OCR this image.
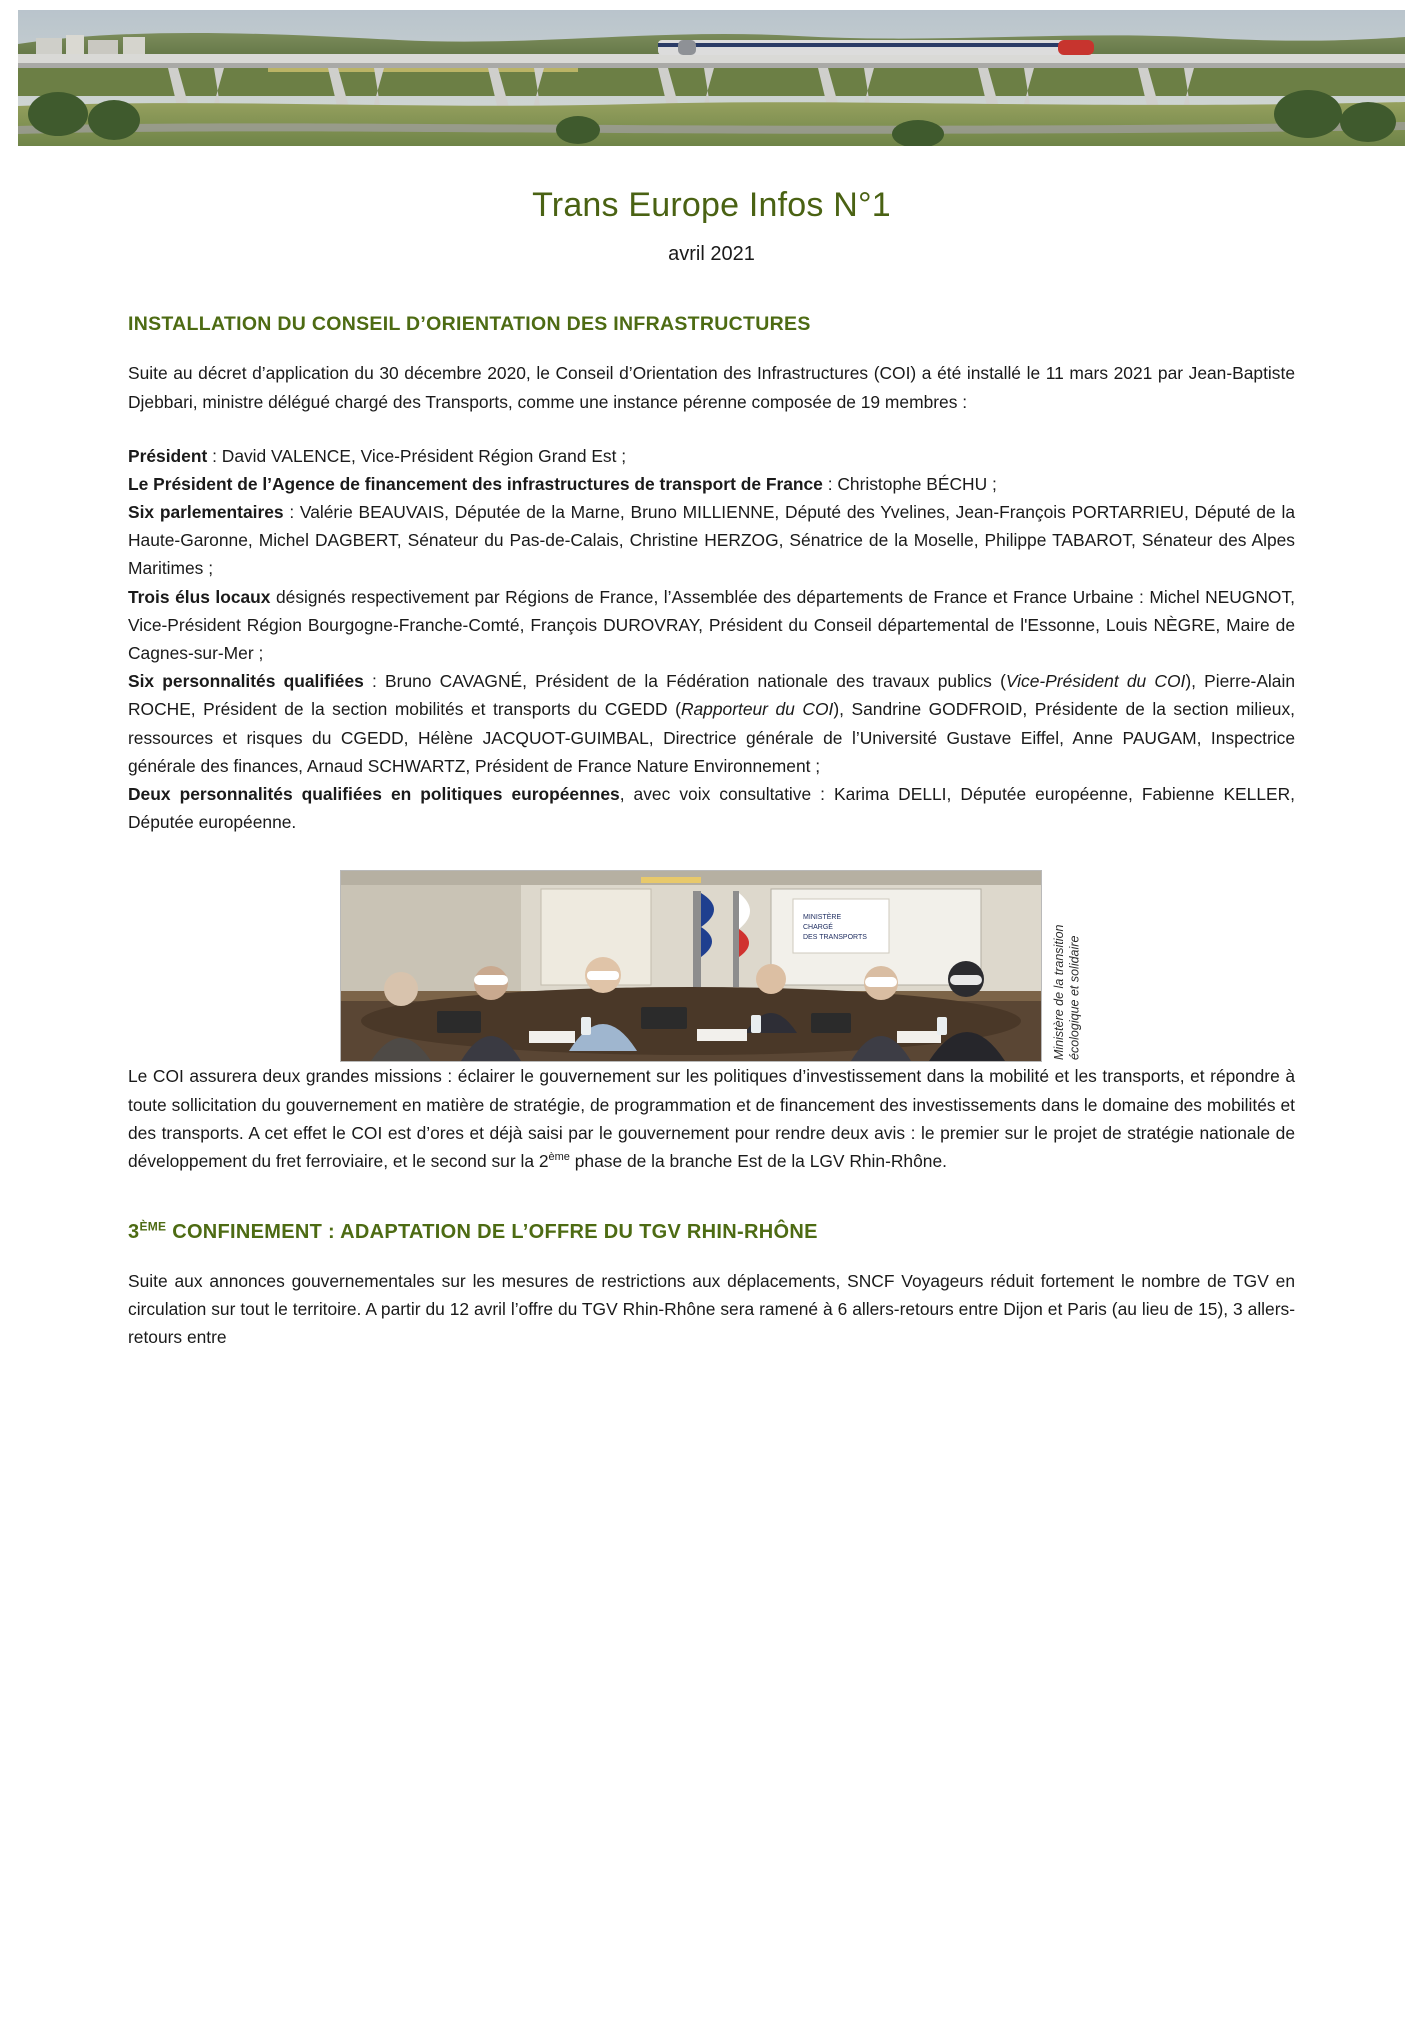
Trans Europe Infos N°1
avril 2021
INSTALLATION DU CONSEIL D’ORIENTATION DES INFRASTRUCTURES

Suite au décret d’application du 30 décembre 2020, le Conseil d’Orientation des Infrastructures (COI) a été installé le 11 mars 2021 par Jean-Baptiste Djebbari, ministre délégué chargé des Transports, comme une instance pérenne composée de 19 membres :

Président : David VALENCE, Vice-Président Région Grand Est ;

Le Président de l’Agence de financement des infrastructures de transport de France : Christophe BÉCHU ;

Six parlementaires : Valérie BEAUVAIS, Députée de la Marne, Bruno MILLIENNE, Député des Yvelines, Jean-François PORTARRIEU, Député de la Haute-Garonne, Michel DAGBERT, Sénateur du Pas-de-Calais, Christine HERZOG, Sénatrice de la Moselle, Philippe TABAROT, Sénateur des Alpes Maritimes ;

Trois élus locaux désignés respectivement par Régions de France, l’Assemblée des départements de France et France Urbaine : Michel NEUGNOT, Vice-Président Région Bourgogne-Franche-Comté, François DUROVRAY, Président du Conseil départemental de l'Essonne, Louis NÈGRE, Maire de Cagnes-sur-Mer ;

Six personnalités qualifiées : Bruno CAVAGNÉ, Président de la Fédération nationale des travaux publics (Vice-Président du COI), Pierre-Alain ROCHE, Président de la section mobilités et transports du CGEDD (Rapporteur du COI), Sandrine GODFROID, Présidente de la section milieux, ressources et risques du CGEDD, Hélène JACQUOT-GUIMBAL, Directrice générale de l’Université Gustave Eiffel, Anne PAUGAM, Inspectrice générale des finances, Arnaud SCHWARTZ, Président de France Nature Environnement ;

Deux personnalités qualifiées en politiques européennes, avec voix consultative : Karima DELLI, Députée européenne, Fabienne KELLER, Députée européenne.

MINISTÈRE
CHARGÉ
DES TRANSPORTS	Ministère de la transition écologique et solidaire

Le COI assurera deux grandes missions : éclairer le gouvernement sur les politiques d’investissement dans la mobilité et les transports, et répondre à toute sollicitation du gouvernement en matière de stratégie, de programmation et de financement des investissements dans le domaine des mobilités et des transports. A cet effet le COI est d’ores et déjà saisi par le gouvernement pour rendre deux avis : le premier sur le projet de stratégie nationale de développement du fret ferroviaire, et le second sur la 2ème phase de la branche Est de la LGV Rhin-Rhône.

3ÈME CONFINEMENT : ADAPTATION DE L’OFFRE DU TGV RHIN-RHÔNE

Suite aux annonces gouvernementales sur les mesures de restrictions aux déplacements, SNCF Voyageurs réduit fortement le nombre de TGV en circulation sur tout le territoire. A partir du 12 avril l’offre du TGV Rhin-Rhône sera ramené à 6 allers-retours entre Dijon et Paris (au lieu de 15), 3 allers-retours entre
